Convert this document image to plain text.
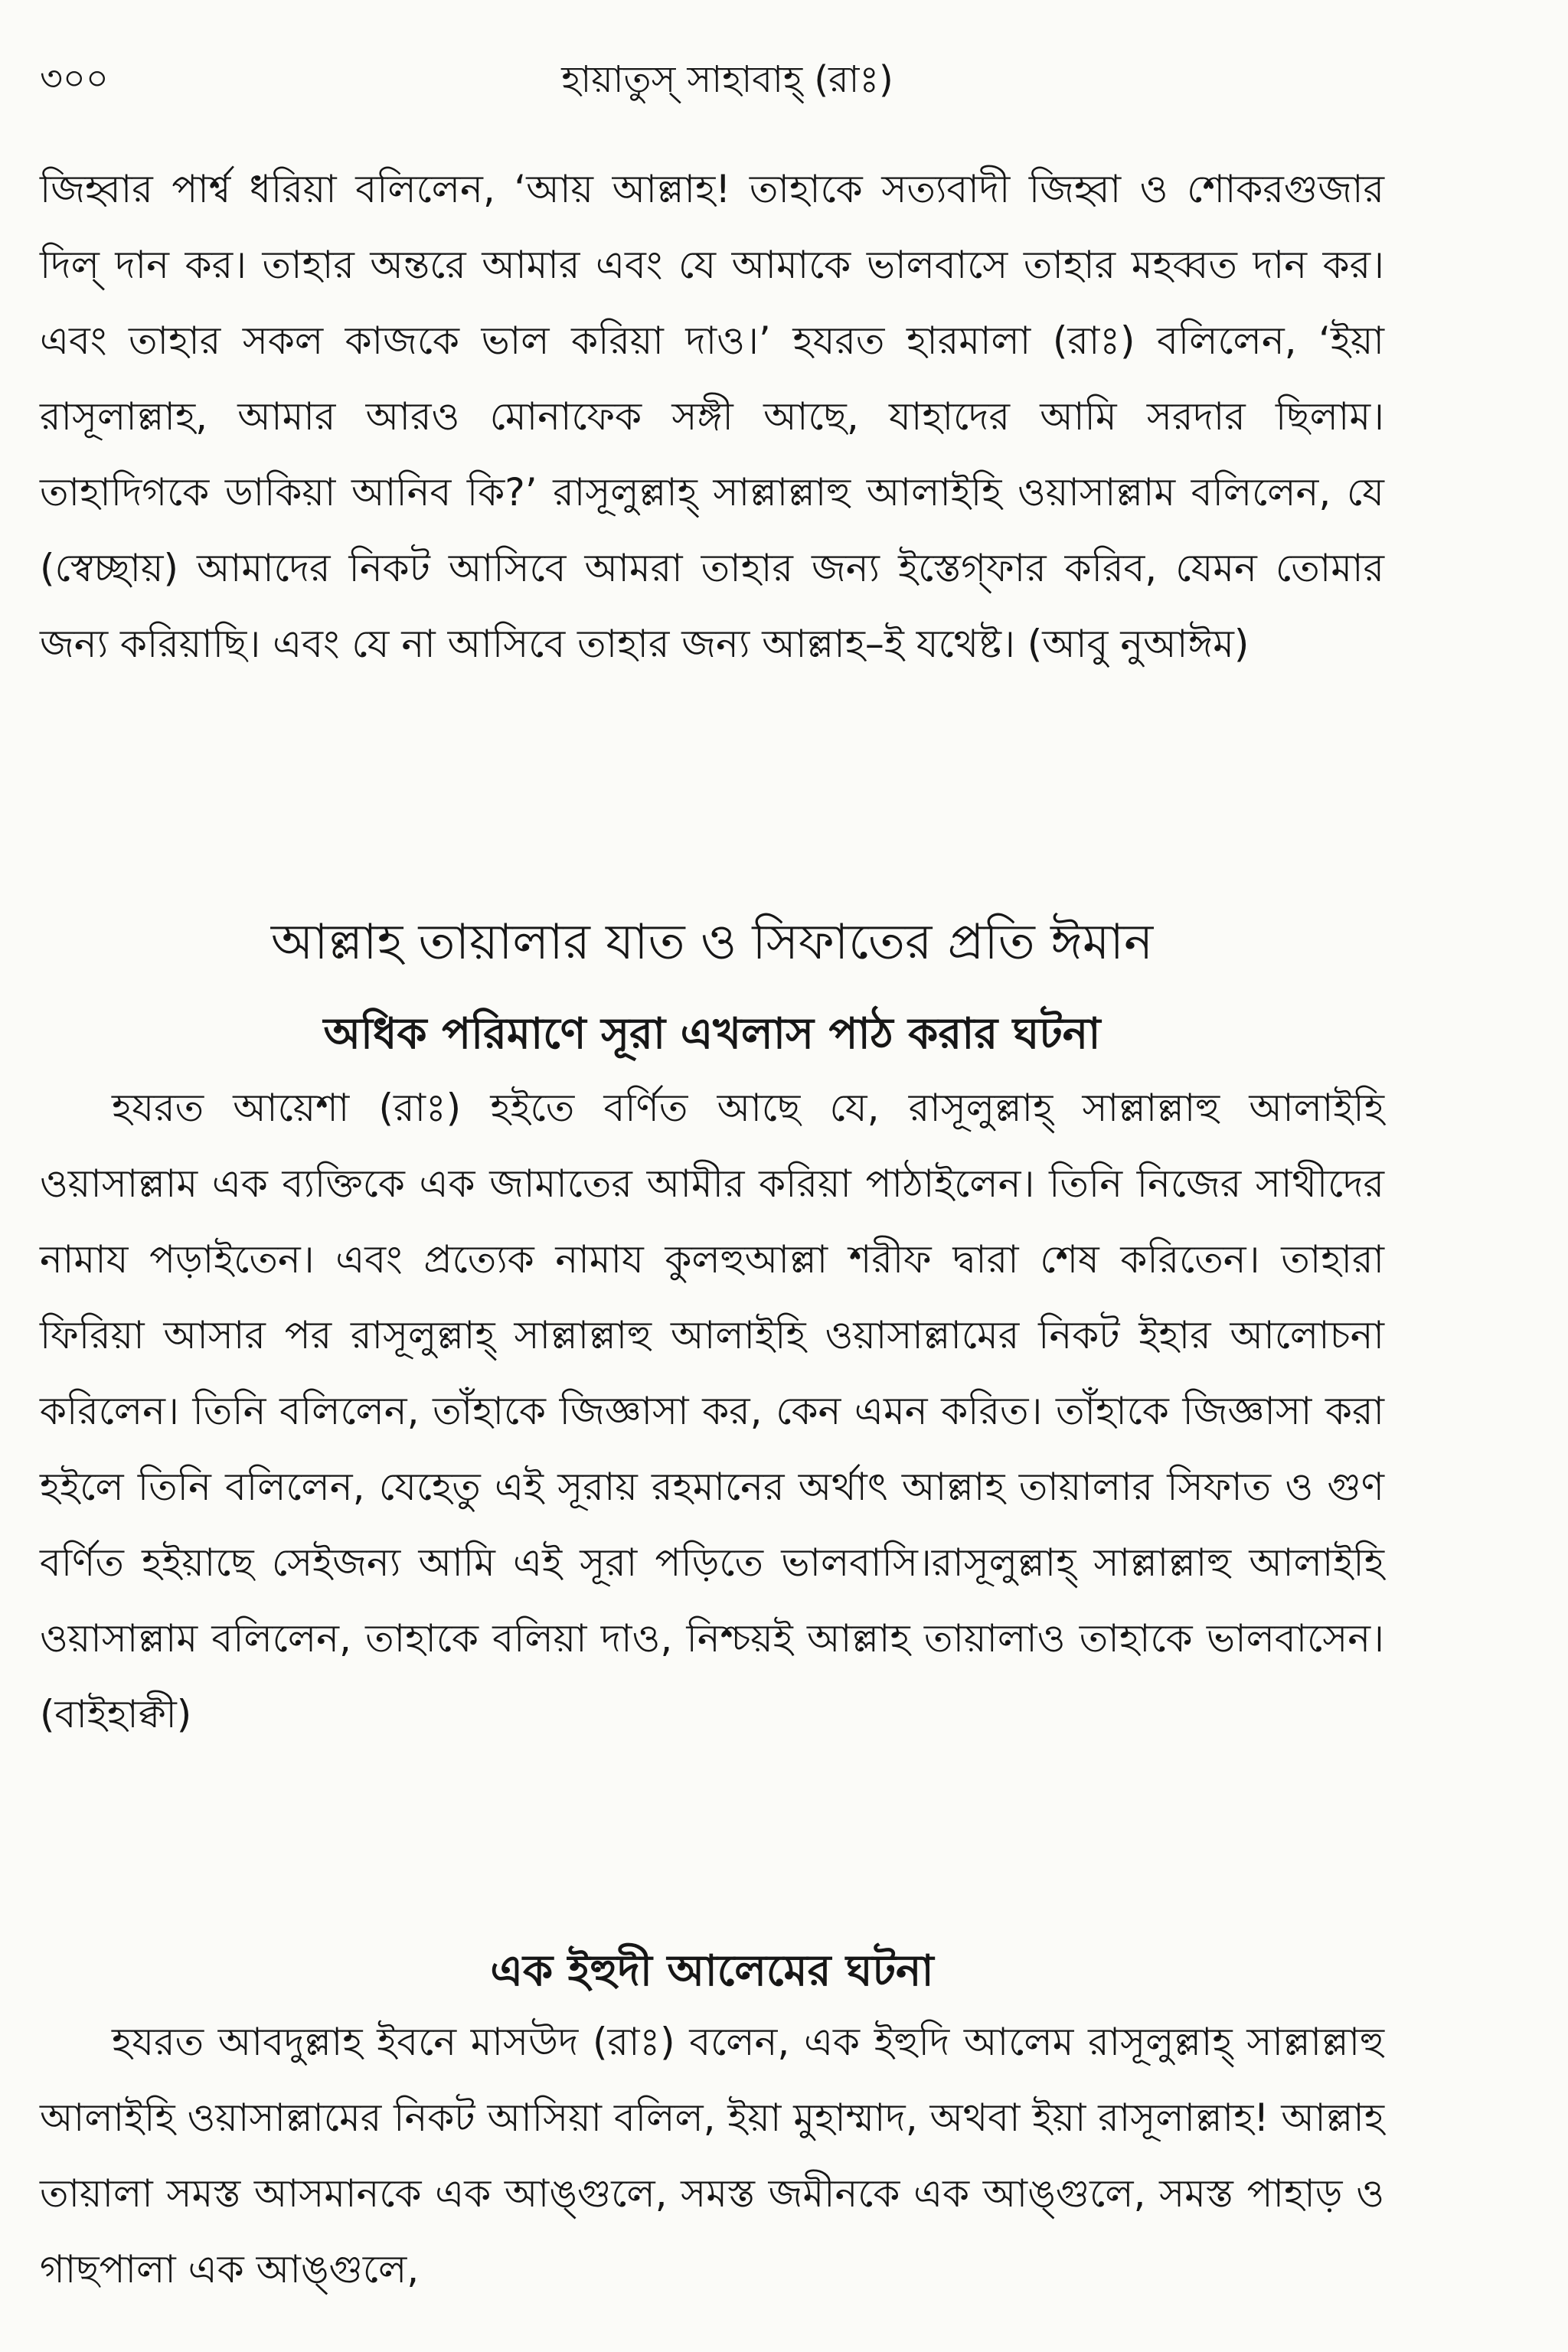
৩০০	হায়াতুস্ সাহাবাহ্ (রাঃ)

জিহ্বার পার্শ্ব ধরিয়া বলিলেন, ‘আয় আল্লাহ! তাহাকে সত্যবাদী জিহ্বা ও শোকরগুজার দিল্ দান কর। তাহার অন্তরে আমার এবং যে আমাকে ভালবাসে তাহার মহব্বত দান কর। এবং তাহার সকল কাজকে ভাল করিয়া দাও।’ হযরত হারমালা (রাঃ) বলিলেন, ‘ইয়া রাসূলাল্লাহ, আমার আরও মোনাফেক সঙ্গী আছে, যাহাদের আমি সরদার ছিলাম। তাহাদিগকে ডাকিয়া আনিব কি?’ রাসূলুল্লাহ্ সাল্লাল্লাহু আলাইহি ওয়াসাল্লাম বলিলেন, যে (স্বেচ্ছায়) আমাদের নিকট আসিবে আমরা তাহার জন্য ইস্তেগ্ফার করিব, যেমন তোমার জন্য করিয়াছি। এবং যে না আসিবে তাহার জন্য আল্লাহ–ই যথেষ্ট। (আবু নুআঈম)

আল্লাহ তায়ালার যাত ও সিফাতের প্রতি ঈমান
অধিক পরিমাণে সূরা এখলাস পাঠ করার ঘটনা

হযরত আয়েশা (রাঃ) হইতে বর্ণিত আছে যে, রাসূলুল্লাহ্ সাল্লাল্লাহু আলাইহি ওয়াসাল্লাম এক ব্যক্তিকে এক জামাতের আমীর করিয়া পাঠাইলেন। তিনি নিজের সাথীদের নামায পড়াইতেন। এবং প্রত্যেক নামায কুলহুআল্লা শরীফ দ্বারা শেষ করিতেন। তাহারা ফিরিয়া আসার পর রাসূলুল্লাহ্ সাল্লাল্লাহু আলাইহি ওয়াসাল্লামের নিকট ইহার আলোচনা করিলেন। তিনি বলিলেন, তাঁহাকে জিজ্ঞাসা কর, কেন এমন করিত। তাঁহাকে জিজ্ঞাসা করা হইলে তিনি বলিলেন, যেহেতু এই সূরায় রহমানের অর্থাৎ আল্লাহ তায়ালার সিফাত ও গুণ বর্ণিত হইয়াছে সেইজন্য আমি এই সূরা পড়িতে ভালবাসি।রাসূলুল্লাহ্ সাল্লাল্লাহু আলাইহি ওয়াসাল্লাম বলিলেন, তাহাকে বলিয়া দাও, নিশ্চয়ই আল্লাহ তায়ালাও তাহাকে ভালবাসেন। (বাইহাক্বী)

এক ইহুদী আলেমের ঘটনা

হযরত আবদুল্লাহ ইবনে মাসউদ (রাঃ) বলেন, এক ইহুদি আলেম রাসূলুল্লাহ্ সাল্লাল্লাহু আলাইহি ওয়াসাল্লামের নিকট আসিয়া বলিল, ইয়া মুহাম্মাদ, অথবা ইয়া রাসূলাল্লাহ! আল্লাহ তায়ালা সমস্ত আসমানকে এক আঙ্গুলে, সমস্ত জমীনকে এক আঙ্গুলে, সমস্ত পাহাড় ও গাছপালা এক আঙ্গুলে,
